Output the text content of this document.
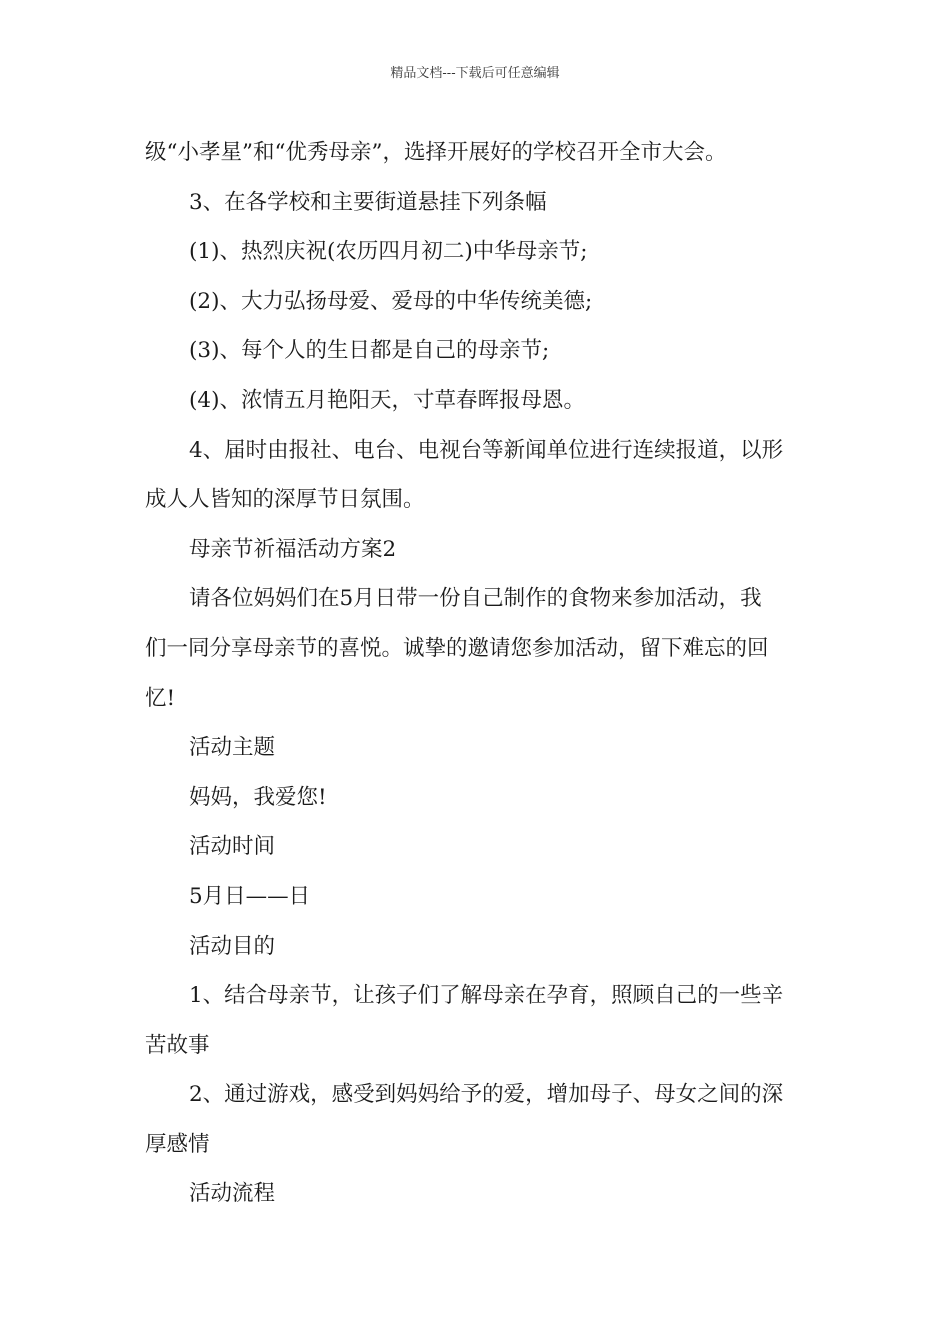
精品文档---下载后可任意编辑
级“小孝星”和“优秀母亲”，选择开展好的学校召开全市大会。
3、在各学校和主要街道悬挂下列条幅
(1)、热烈庆祝(农历四月初二)中华母亲节;
(2)、大力弘扬母爱、爱母的中华传统美德;
(3)、每个人的生日都是自己的母亲节;
(4)、浓情五月艳阳天，寸草春晖报母恩。
4、届时由报社、电台、电视台等新闻单位进行连续报道，以形
成人人皆知的深厚节日氛围。
母亲节祈福活动方案2
请各位妈妈们在5月日带一份自己制作的食物来参加活动，我
们一同分享母亲节的喜悦。诚挚的邀请您参加活动，留下难忘的回
忆!
活动主题
妈妈，我爱您!
活动时间
5月日——日
活动目的
1、结合母亲节，让孩子们了解母亲在孕育，照顾自己的一些辛
苦故事
2、通过游戏，感受到妈妈给予的爱，增加母子、母女之间的深
厚感情
活动流程
